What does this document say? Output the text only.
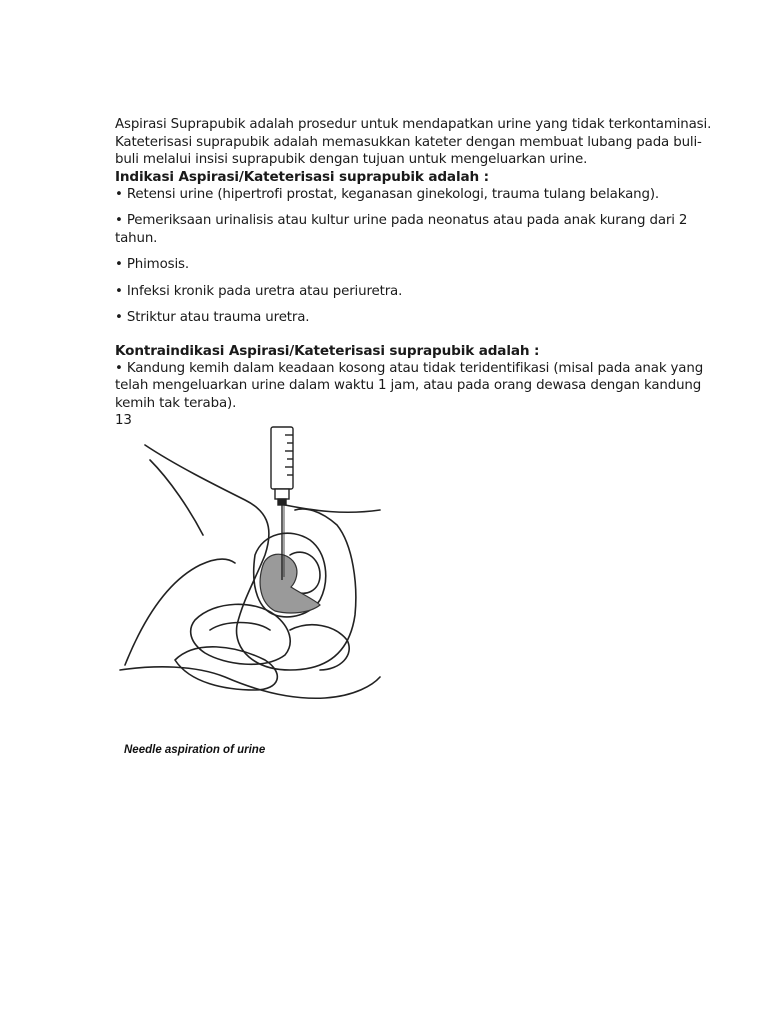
Aspirasi Suprapubik adalah prosedur untuk mendapatkan urine yang tidak terkontaminasi.

Kateterisasi suprapubik adalah memasukkan kateter dengan membuat lubang pada buli-buli melalui insisi suprapubik dengan tujuan untuk mengeluarkan urine.

Indikasi Aspirasi/Kateterisasi suprapubik adalah :

• Retensi urine (hipertrofi prostat, keganasan ginekologi, trauma tulang belakang).

• Pemeriksaan urinalisis atau kultur urine pada neonatus atau pada anak kurang dari 2 tahun.

• Phimosis.

• Infeksi kronik pada uretra atau periuretra.

• Striktur atau trauma uretra.

Kontraindikasi Aspirasi/Kateterisasi suprapubik adalah :

• Kandung kemih dalam keadaan kosong atau tidak teridentifikasi (misal pada anak yang telah mengeluarkan urine dalam waktu 1 jam, atau pada orang dewasa dengan kandung kemih tak teraba).

13

Needle aspiration of urine
